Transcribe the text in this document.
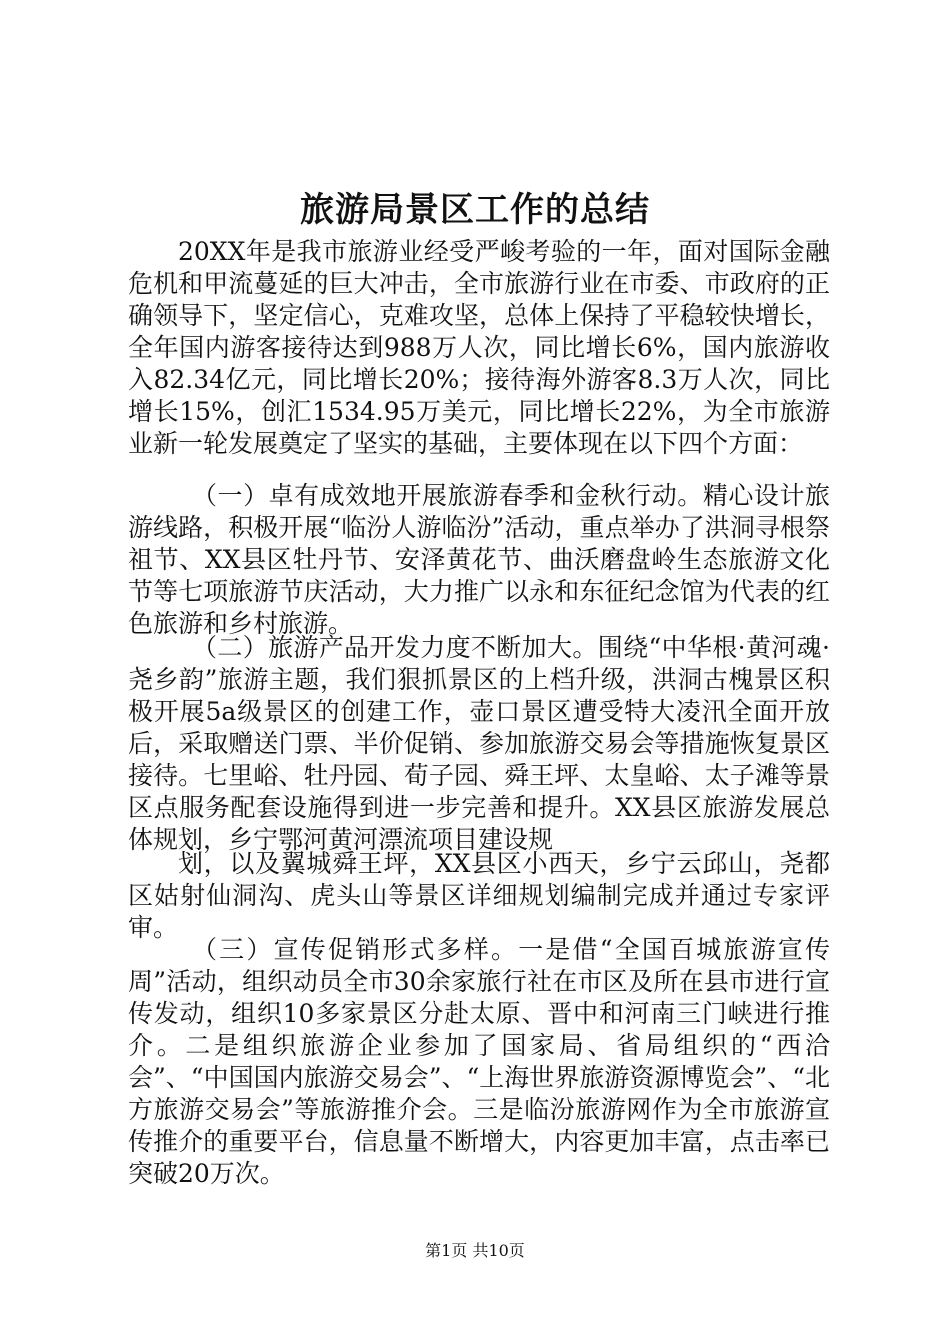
旅游局景区工作的总结

20XX年是我市旅游业经受严峻考验的一年，面对国际金融危机和甲流蔓延的巨大冲击，全市旅游行业在市委、市政府的正确领导下，坚定信心，克难攻坚，总体上保持了平稳较快增长，全年国内游客接待达到988万人次，同比增长6%，国内旅游收入82.34亿元，同比增长20%；接待海外游客8.3万人次，同比增长15%，创汇1534.95万美元，同比增长22%，为全市旅游业新一轮发展奠定了坚实的基础，主要体现在以下四个方面：

（一）卓有成效地开展旅游春季和金秋行动。精心设计旅游线路，积极开展“临汾人游临汾”活动，重点举办了洪洞寻根祭祖节、XX县区牡丹节、安泽黄花节、曲沃磨盘岭生态旅游文化节等七项旅游节庆活动，大力推广以永和东征纪念馆为代表的红色旅游和乡村旅游。

（二）旅游产品开发力度不断加大。围绕“中华根·黄河魂·尧乡韵”旅游主题，我们狠抓景区的上档升级，洪洞古槐景区积极开展5a级景区的创建工作，壶口景区遭受特大凌汛全面开放后，采取赠送门票、半价促销、参加旅游交易会等措施恢复景区接待。七里峪、牡丹园、荀子园、舜王坪、太皇峪、太子滩等景区点服务配套设施得到进一步完善和提升。XX县区旅游发展总体规划，乡宁鄂河黄河漂流项目建设规

划，以及翼城舜王坪，XX县区小西天，乡宁云邱山，尧都区姑射仙洞沟、虎头山等景区详细规划编制完成并通过专家评审。

（三）宣传促销形式多样。一是借“全国百城旅游宣传周”活动，组织动员全市30余家旅行社在市区及所在县市进行宣传发动，组织10多家景区分赴太原、晋中和河南三门峡进行推介。二是组织旅游企业参加了国家局、省局组织的“西洽会”、“中国国内旅游交易会”、“上海世界旅游资源博览会”、“北方旅游交易会”等旅游推介会。三是临汾旅游网作为全市旅游宣传推介的重要平台，信息量不断增大，内容更加丰富，点击率已突破20万次。

第1页 共10页
